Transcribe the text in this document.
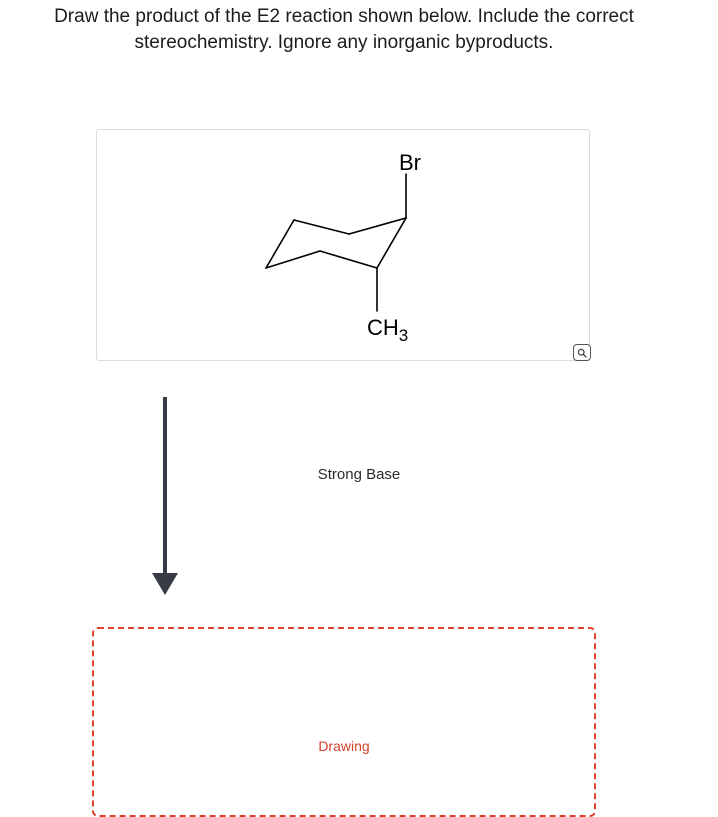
Draw the product of the E2 reaction shown below. Include the correct
stereochemistry. Ignore any inorganic byproducts.
Br
$CH_3$
Strong Base
Drawing
